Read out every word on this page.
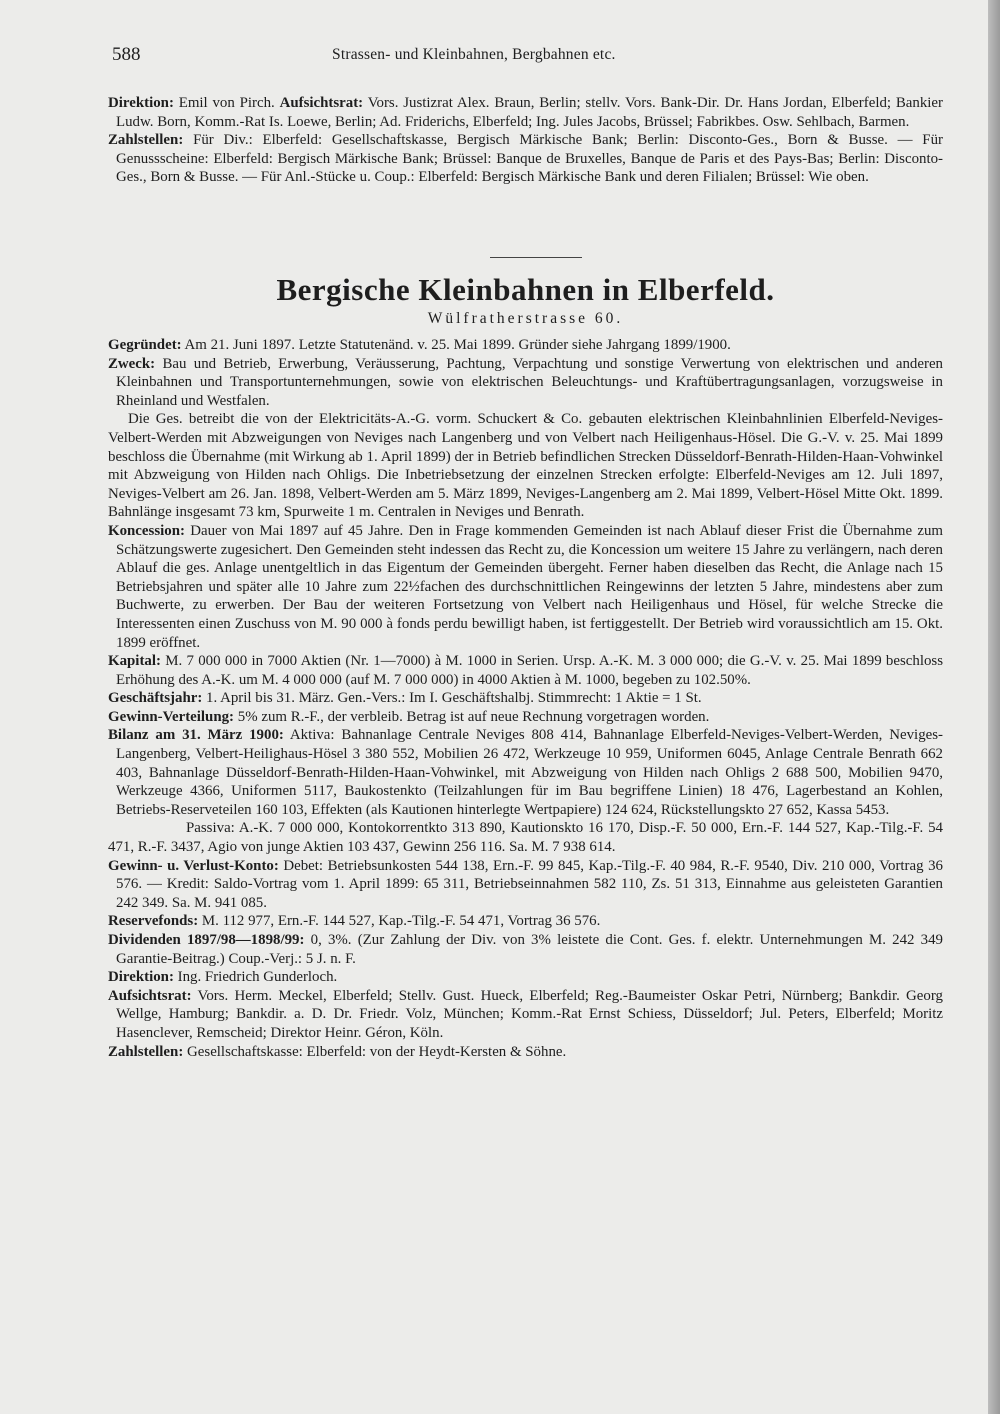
588	Strassen- und Kleinbahnen, Bergbahnen etc.

Direktion: Emil von Pirch. Aufsichtsrat: Vors. Justizrat Alex. Braun, Berlin; stellv. Vors. Bank-Dir. Dr. Hans Jordan, Elberfeld; Bankier Ludw. Born, Komm.-Rat Is. Loewe, Berlin; Ad. Friderichs, Elberfeld; Ing. Jules Jacobs, Brüssel; Fabrikbes. Osw. Sehlbach, Barmen.

Zahlstellen: Für Div.: Elberfeld: Gesellschaftskasse, Bergisch Märkische Bank; Berlin: Disconto-Ges., Born & Busse. — Für Genussscheine: Elberfeld: Bergisch Märkische Bank; Brüssel: Banque de Bruxelles, Banque de Paris et des Pays-Bas; Berlin: Disconto-Ges., Born & Busse. — Für Anl.-Stücke u. Coup.: Elberfeld: Bergisch Märkische Bank und deren Filialen; Brüssel: Wie oben.

Bergische Kleinbahnen in Elberfeld.
Wülfratherstrasse 60.

Gegründet: Am 21. Juni 1897. Letzte Statutenänd. v. 25. Mai 1899. Gründer siehe Jahrgang 1899/1900.

Zweck: Bau und Betrieb, Erwerbung, Veräusserung, Pachtung, Verpachtung und sonstige Verwertung von elektrischen und anderen Kleinbahnen und Transportunternehmungen, sowie von elektrischen Beleuchtungs- und Kraftübertragungsanlagen, vorzugsweise in Rheinland und Westfalen.

Die Ges. betreibt die von der Elektricitäts-A.-G. vorm. Schuckert & Co. gebauten elektrischen Kleinbahnlinien Elberfeld-Neviges-Velbert-Werden mit Abzweigungen von Neviges nach Langenberg und von Velbert nach Heiligenhaus-Hösel. Die G.-V. v. 25. Mai 1899 beschloss die Übernahme (mit Wirkung ab 1. April 1899) der in Betrieb befindlichen Strecken Düsseldorf-Benrath-Hilden-Haan-Vohwinkel mit Abzweigung von Hilden nach Ohligs. Die Inbetriebsetzung der einzelnen Strecken erfolgte: Elberfeld-Neviges am 12. Juli 1897, Neviges-Velbert am 26. Jan. 1898, Velbert-Werden am 5. März 1899, Neviges-Langenberg am 2. Mai 1899, Velbert-Hösel Mitte Okt. 1899. Bahnlänge insgesamt 73 km, Spurweite 1 m. Centralen in Neviges und Benrath.

Koncession: Dauer von Mai 1897 auf 45 Jahre. Den in Frage kommenden Gemeinden ist nach Ablauf dieser Frist die Übernahme zum Schätzungswerte zugesichert. Den Gemeinden steht indessen das Recht zu, die Koncession um weitere 15 Jahre zu verlängern, nach deren Ablauf die ges. Anlage unentgeltlich in das Eigentum der Gemeinden übergeht. Ferner haben dieselben das Recht, die Anlage nach 15 Betriebsjahren und später alle 10 Jahre zum 22½fachen des durchschnittlichen Reingewinns der letzten 5 Jahre, mindestens aber zum Buchwerte, zu erwerben. Der Bau der weiteren Fortsetzung von Velbert nach Heiligenhaus und Hösel, für welche Strecke die Interessenten einen Zuschuss von M. 90 000 à fonds perdu bewilligt haben, ist fertiggestellt. Der Betrieb wird voraussichtlich am 15. Okt. 1899 eröffnet.

Kapital: M. 7 000 000 in 7000 Aktien (Nr. 1—7000) à M. 1000 in Serien. Ursp. A.-K. M. 3 000 000; die G.-V. v. 25. Mai 1899 beschloss Erhöhung des A.-K. um M. 4 000 000 (auf M. 7 000 000) in 4000 Aktien à M. 1000, begeben zu 102.50%.

Geschäftsjahr: 1. April bis 31. März. Gen.-Vers.: Im I. Geschäftshalbj. Stimmrecht: 1 Aktie = 1 St.

Gewinn-Verteilung: 5% zum R.-F., der verbleib. Betrag ist auf neue Rechnung vorgetragen worden.

Bilanz am 31. März 1900: Aktiva: Bahnanlage Centrale Neviges 808 414, Bahnanlage Elberfeld-Neviges-Velbert-Werden, Neviges-Langenberg, Velbert-Heilighaus-Hösel 3 380 552, Mobilien 26 472, Werkzeuge 10 959, Uniformen 6045, Anlage Centrale Benrath 662 403, Bahnanlage Düsseldorf-Benrath-Hilden-Haan-Vohwinkel, mit Abzweigung von Hilden nach Ohligs 2 688 500, Mobilien 9470, Werkzeuge 4366, Uniformen 5117, Baukostenkto (Teilzahlungen für im Bau begriffene Linien) 18 476, Lagerbestand an Kohlen, Betriebs-Reserveteilen 160 103, Effekten (als Kautionen hinterlegte Wertpapiere) 124 624, Rückstellungskto 27 652, Kassa 5453.

Passiva: A.-K. 7 000 000, Kontokorrentkto 313 890, Kautionskto 16 170, Disp.-F. 50 000, Ern.-F. 144 527, Kap.-Tilg.-F. 54 471, R.-F. 3437, Agio von junge Aktien 103 437, Gewinn 256 116. Sa. M. 7 938 614.

Gewinn- u. Verlust-Konto: Debet: Betriebsunkosten 544 138, Ern.-F. 99 845, Kap.-Tilg.-F. 40 984, R.-F. 9540, Div. 210 000, Vortrag 36 576. — Kredit: Saldo-Vortrag vom 1. April 1899: 65 311, Betriebseinnahmen 582 110, Zs. 51 313, Einnahme aus geleisteten Garantien 242 349. Sa. M. 941 085.

Reservefonds: M. 112 977, Ern.-F. 144 527, Kap.-Tilg.-F. 54 471, Vortrag 36 576.

Dividenden 1897/98—1898/99: 0, 3%. (Zur Zahlung der Div. von 3% leistete die Cont. Ges. f. elektr. Unternehmungen M. 242 349 Garantie-Beitrag.) Coup.-Verj.: 5 J. n. F.

Direktion: Ing. Friedrich Gunderloch.

Aufsichtsrat: Vors. Herm. Meckel, Elberfeld; Stellv. Gust. Hueck, Elberfeld; Reg.-Baumeister Oskar Petri, Nürnberg; Bankdir. Georg Wellge, Hamburg; Bankdir. a. D. Dr. Friedr. Volz, München; Komm.-Rat Ernst Schiess, Düsseldorf; Jul. Peters, Elberfeld; Moritz Hasenclever, Remscheid; Direktor Heinr. Géron, Köln.

Zahlstellen: Gesellschaftskasse: Elberfeld: von der Heydt-Kersten & Söhne.
